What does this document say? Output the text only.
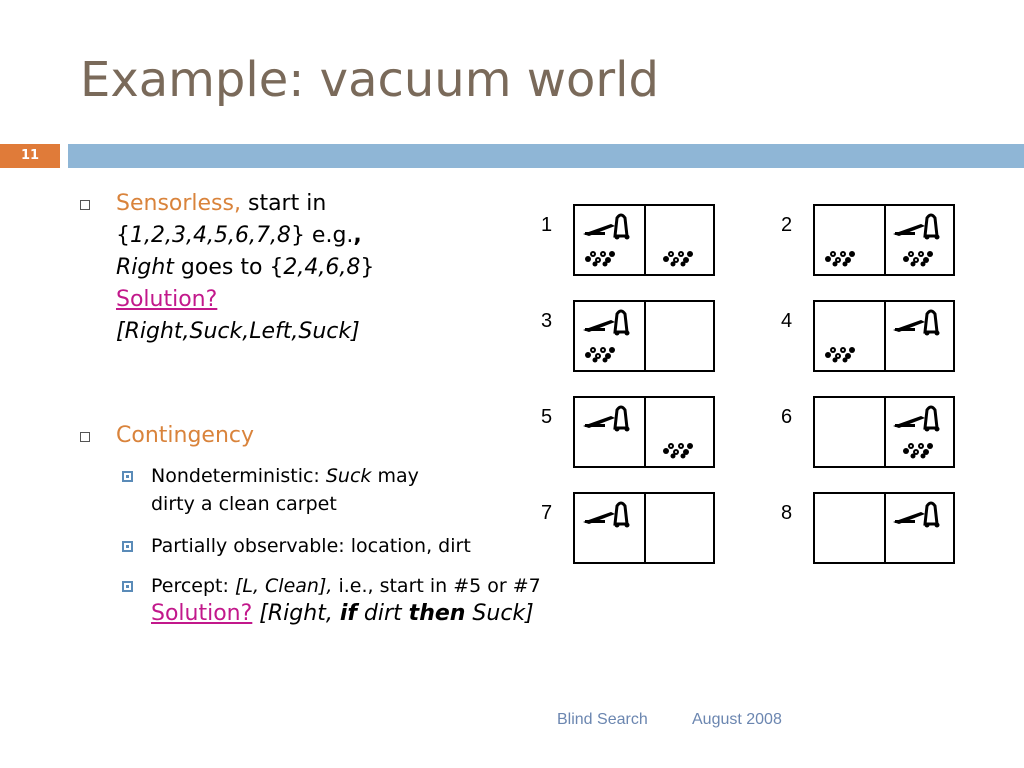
Example: vacuum world
11
Sensorless, start in
{1,2,3,4,5,6,7,8} e.g.,
Right goes to {2,4,6,8}
Solution?
[Right,Suck,Left,Suck]
Contingency
Nondeterministic: Suck may
dirty a clean carpet
Partially observable: location, dirt
Percept: [L, Clean], i.e., start in #5 or #7
Solution? [Right, if dirt then Suck]
1	2
3	4
5	6
7	8
Blind Search	August 2008
